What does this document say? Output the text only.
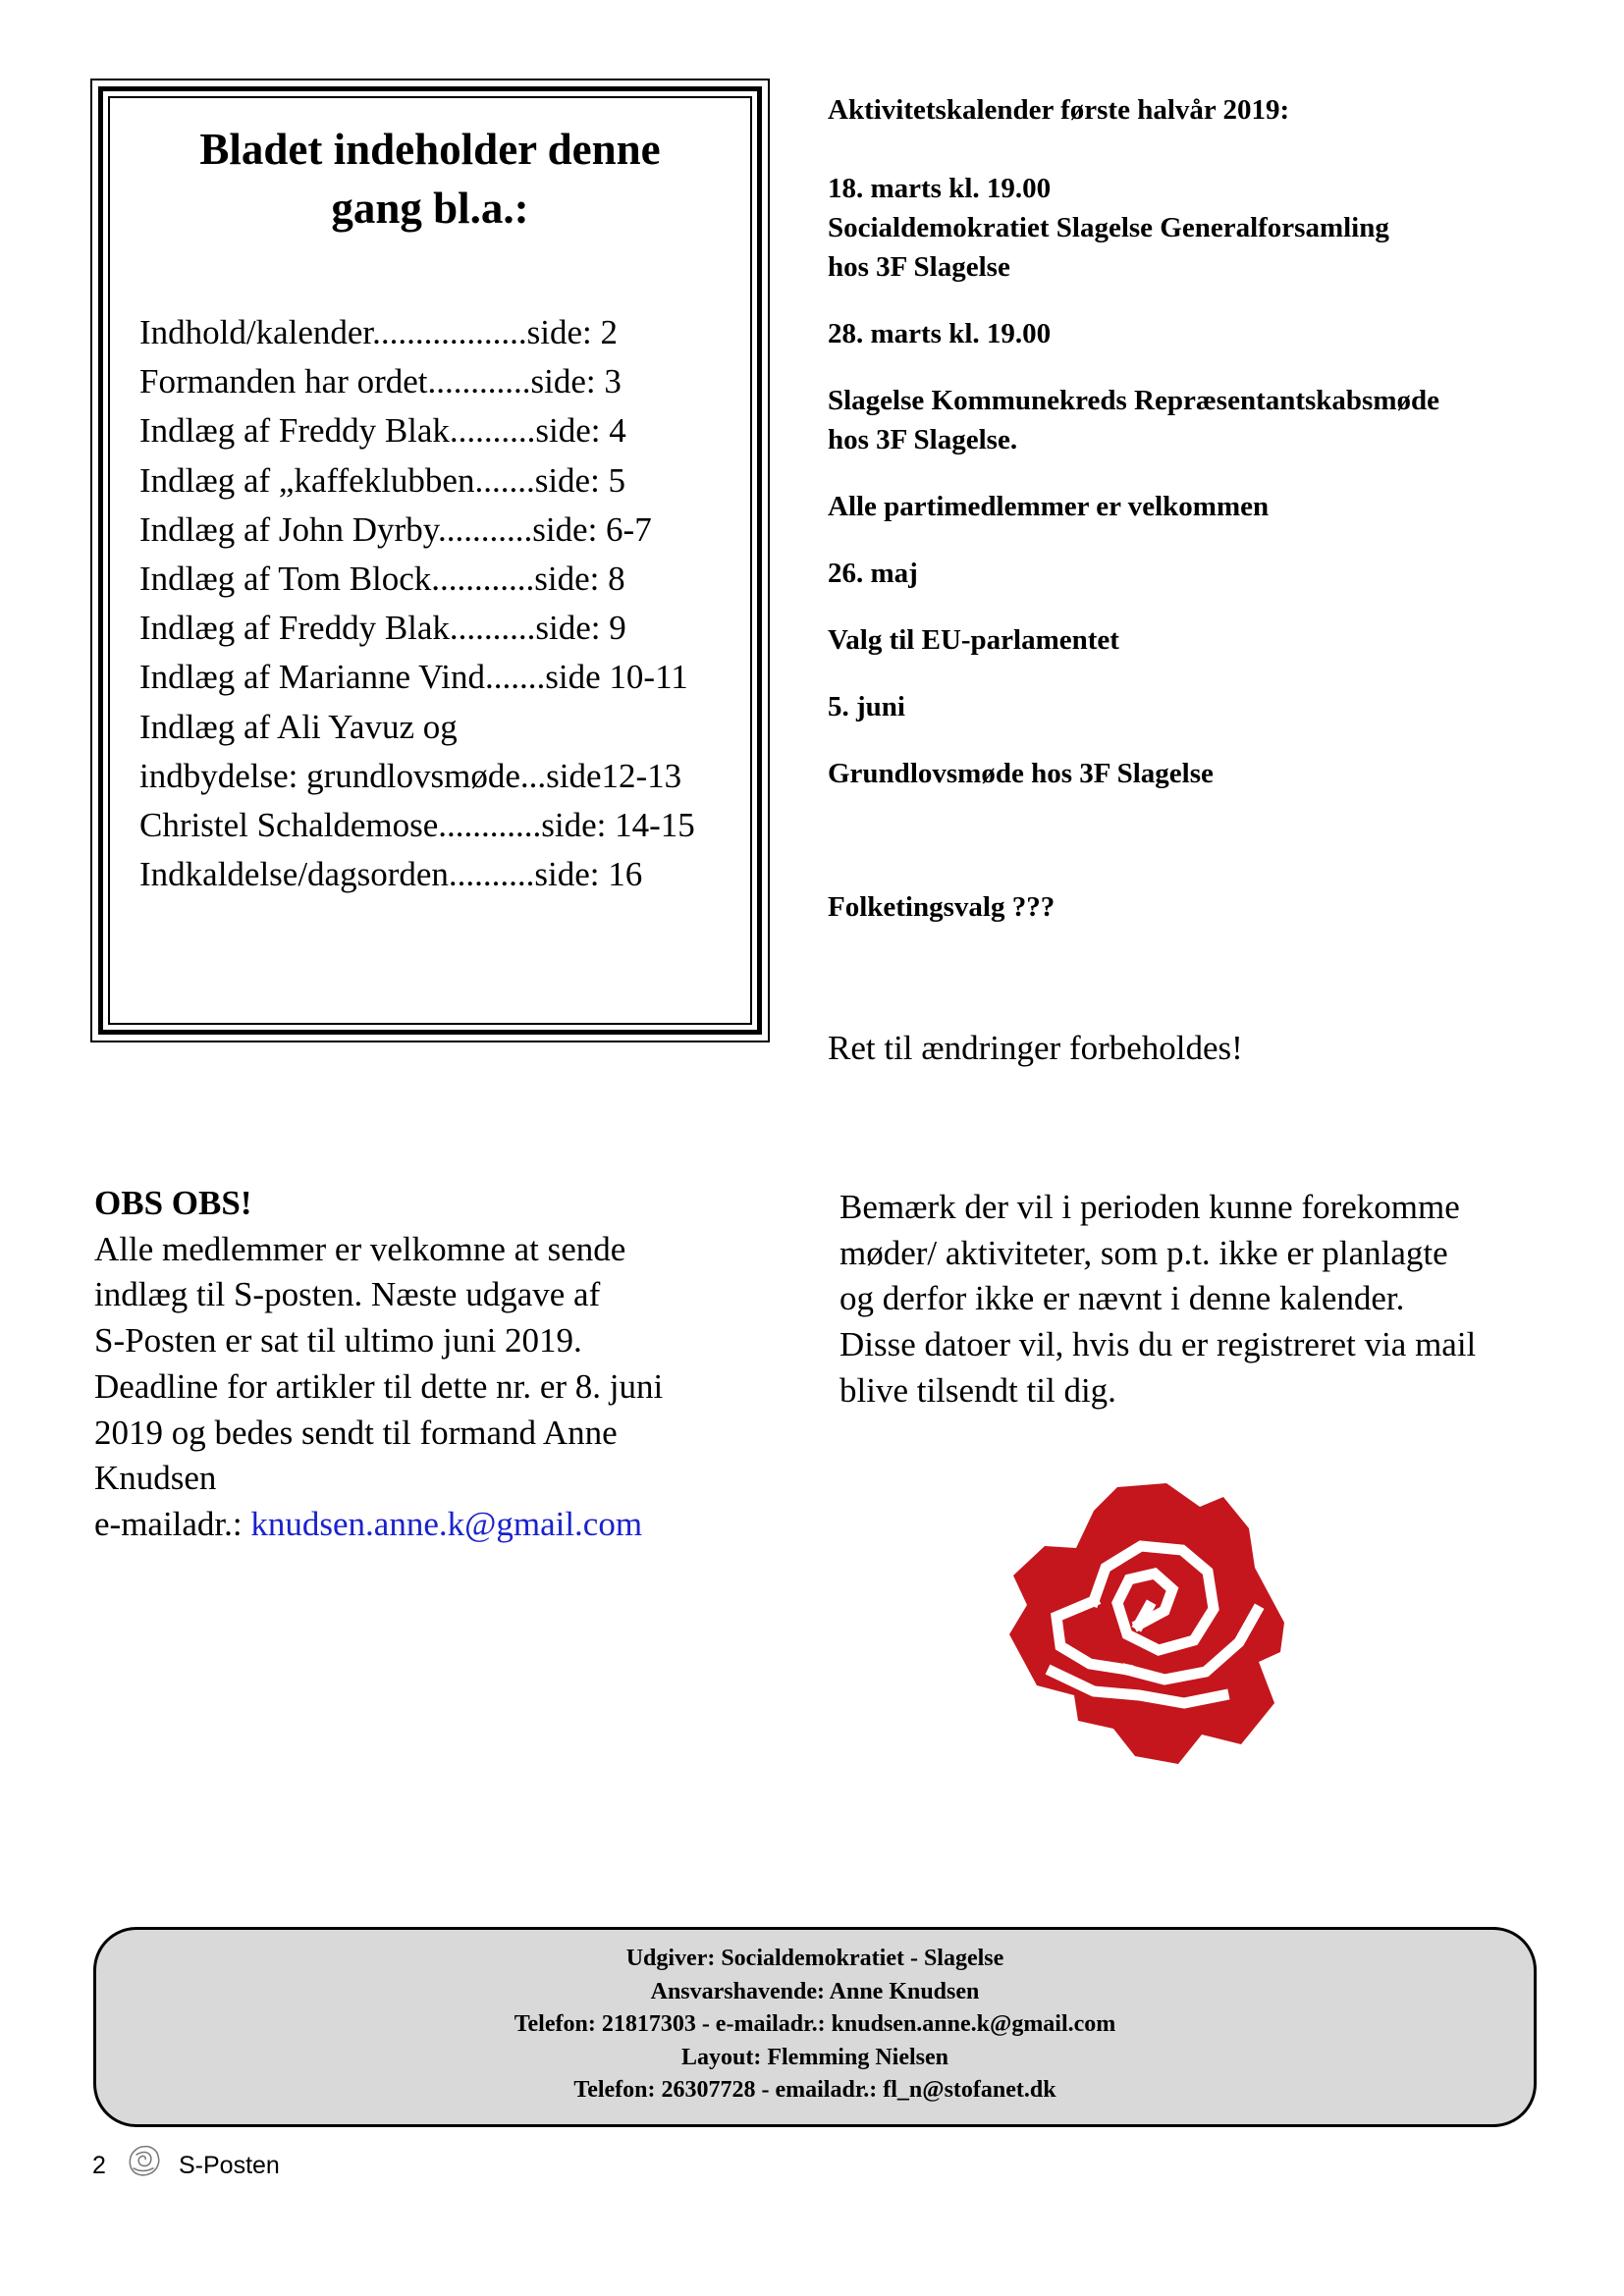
Bladet indeholder denne
gang bl.a.:
Indhold/kalender..................side: 2
Formanden har ordet............side: 3
Indlæg af Freddy Blak..........side: 4
Indlæg af „kaffeklubben.......side: 5
Indlæg af John Dyrby...........side: 6-7
Indlæg af Tom Block............side: 8
Indlæg af Freddy Blak..........side: 9
Indlæg af Marianne Vind.......side 10-11
Indlæg af Ali Yavuz og
indbydelse: grundlovsmøde...side12-13
Christel Schaldemose............side: 14-15
Indkaldelse/dagsorden..........side: 16
Aktivitetskalender første halvår 2019:
18. marts kl. 19.00
Socialdemokratiet Slagelse Generalforsamling
hos 3F Slagelse
28. marts kl. 19.00
Slagelse Kommunekreds Repræsentantskabsmøde
hos 3F Slagelse.
Alle partimedlemmer er velkommen
26. maj
Valg til EU-parlamentet
5. juni
Grundlovsmøde hos 3F Slagelse
Folketingsvalg ???
Ret til ændringer forbeholdes!
OBS OBS!
Alle medlemmer er velkomne at sende
indlæg til S-posten. Næste udgave af
S-Posten er sat til ultimo juni 2019.
Deadline for artikler til dette nr. er 8. juni
2019 og bedes sendt til formand Anne
Knudsen
e-mailadr.: knudsen.anne.k@gmail.com
Bemærk der vil i perioden kunne forekomme
møder/ aktiviteter, som p.t. ikke er planlagte
og derfor ikke er nævnt i denne kalender.
Disse datoer vil, hvis du er registreret via mail
blive tilsendt til dig.
Udgiver: Socialdemokratiet - Slagelse
Ansvarshavende: Anne Knudsen
Telefon: 21817303 - e-mailadr.: knudsen.anne.k@gmail.com
Layout: Flemming Nielsen
Telefon: 26307728 - emailadr.: fl_n@stofanet.dk
2	S-Posten
